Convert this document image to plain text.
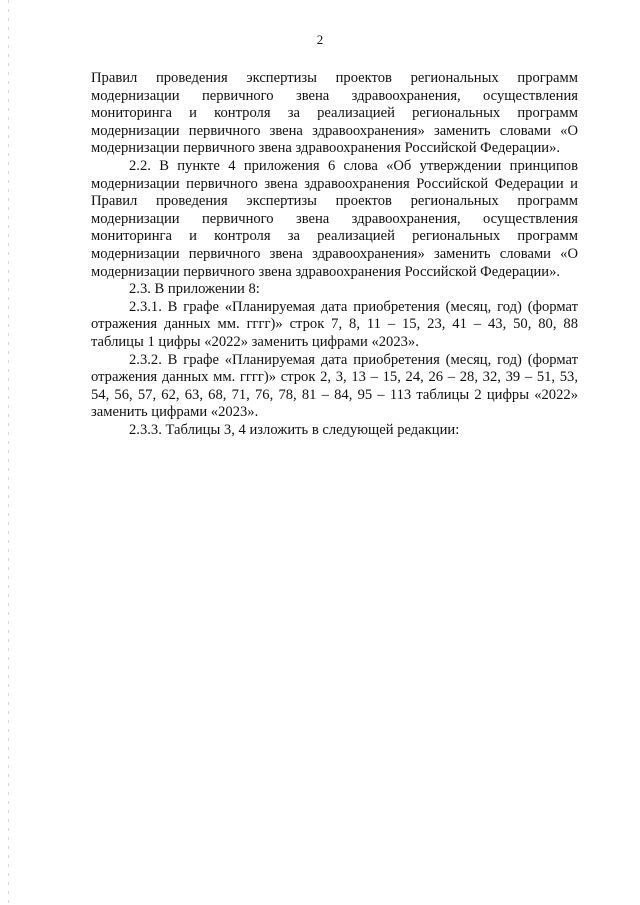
2

Правил проведения экспертизы проектов региональных программ модернизации первичного звена здравоохранения, осуществления мониторинга и контроля за реализацией региональных программ модернизации первичного звена здравоохранения» заменить словами «О модернизации первичного звена здравоохранения Российской Федерации».

2.2. В пункте 4 приложения 6 слова «Об утверждении принципов модернизации первичного звена здравоохранения Российской Федерации и Правил проведения экспертизы проектов региональных программ модернизации первичного звена здравоохранения, осуществления мониторинга и контроля за реализацией региональных программ модернизации первичного звена здравоохранения» заменить словами «О модернизации первичного звена здравоохранения Российской Федерации».

2.3. В приложении 8:

2.3.1. В графе «Планируемая дата приобретения (месяц, год) (формат отражения данных мм. гггг)» строк 7, 8, 11 – 15, 23, 41 – 43, 50, 80, 88 таблицы 1 цифры «2022» заменить цифрами «2023».

2.3.2. В графе «Планируемая дата приобретения (месяц, год) (формат отражения данных мм. гггг)» строк 2, 3, 13 – 15, 24, 26 – 28, 32, 39 – 51, 53, 54, 56, 57, 62, 63, 68, 71, 76, 78, 81 – 84, 95 – 113 таблицы 2 цифры «2022» заменить цифрами «2023».

2.3.3. Таблицы 3, 4 изложить в следующей редакции:
